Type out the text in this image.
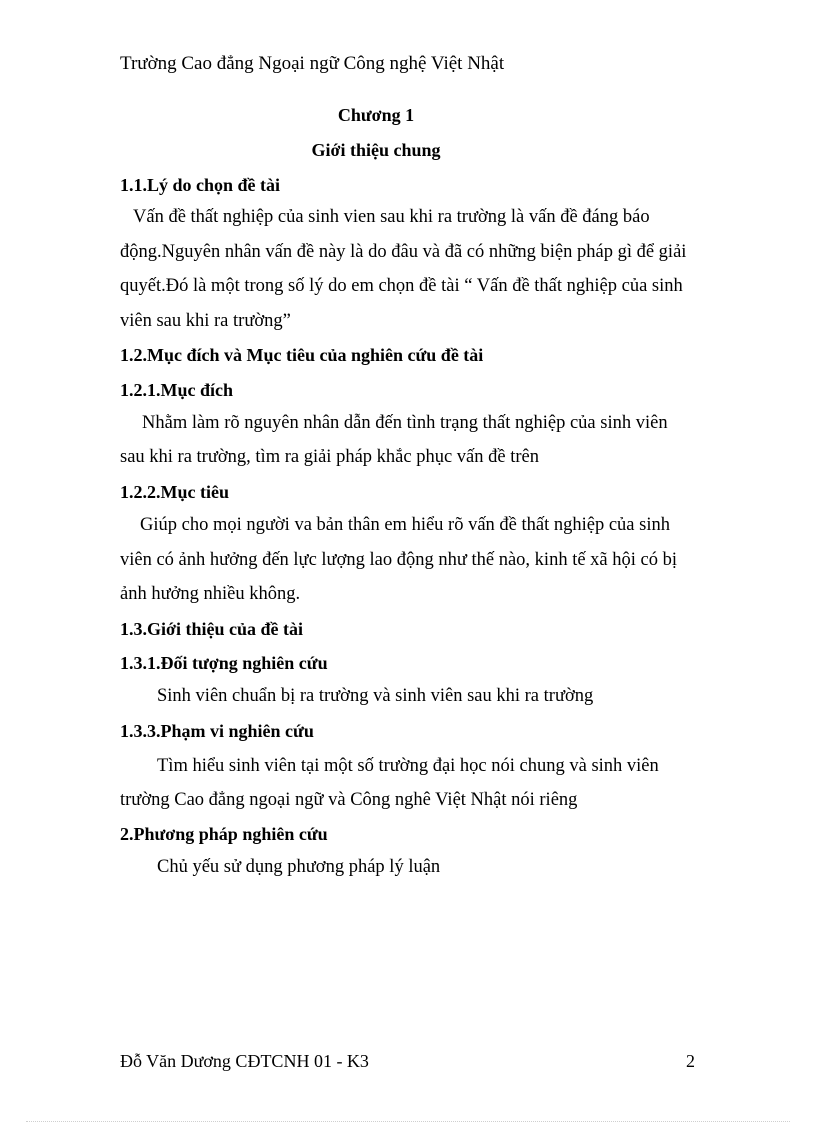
Trường Cao đẳng Ngoại ngữ Công nghệ Việt Nhật
Chương 1
Giới thiệu chung
1.1.Lý do chọn đề tài
Vấn đề thất nghiệp của sinh vien sau khi ra trường là vấn đề đáng báo
động.Nguyên nhân vấn đề này là do đâu và đã có những biện pháp gì để giải
quyết.Đó là một trong số lý do em chọn đề tài “ Vấn đề thất nghiệp của sinh
viên sau khi ra trường”
1.2.Mục đích và Mục tiêu của nghiên cứu đề tài
1.2.1.Mục đích
Nhằm làm rõ nguyên nhân dẫn đến tình trạng thất nghiệp của sinh viên
sau khi ra trường, tìm ra giải pháp khắc phục vấn đề trên
1.2.2.Mục tiêu
Giúp cho mọi người va bản thân em hiểu rõ vấn đề thất nghiệp của sinh
viên có ảnh hưởng đến lực lượng lao động như thế nào, kinh tế xã hội có bị
ảnh hưởng nhiều không.
1.3.Giới thiệu của đề tài
1.3.1.Đối tượng nghiên cứu
Sinh viên chuẩn bị ra trường và sinh viên sau khi ra trường
1.3.3.Phạm vi nghiên cứu
Tìm hiểu sinh viên tại một số trường đại học nói chung và sinh viên
trường Cao đẳng ngoại ngữ và Công nghê Việt Nhật nói riêng
2.Phương pháp nghiên cứu
Chủ yếu sử dụng phương pháp lý luận
Đỗ Văn Dương CĐTCNH 01 - K3	2
